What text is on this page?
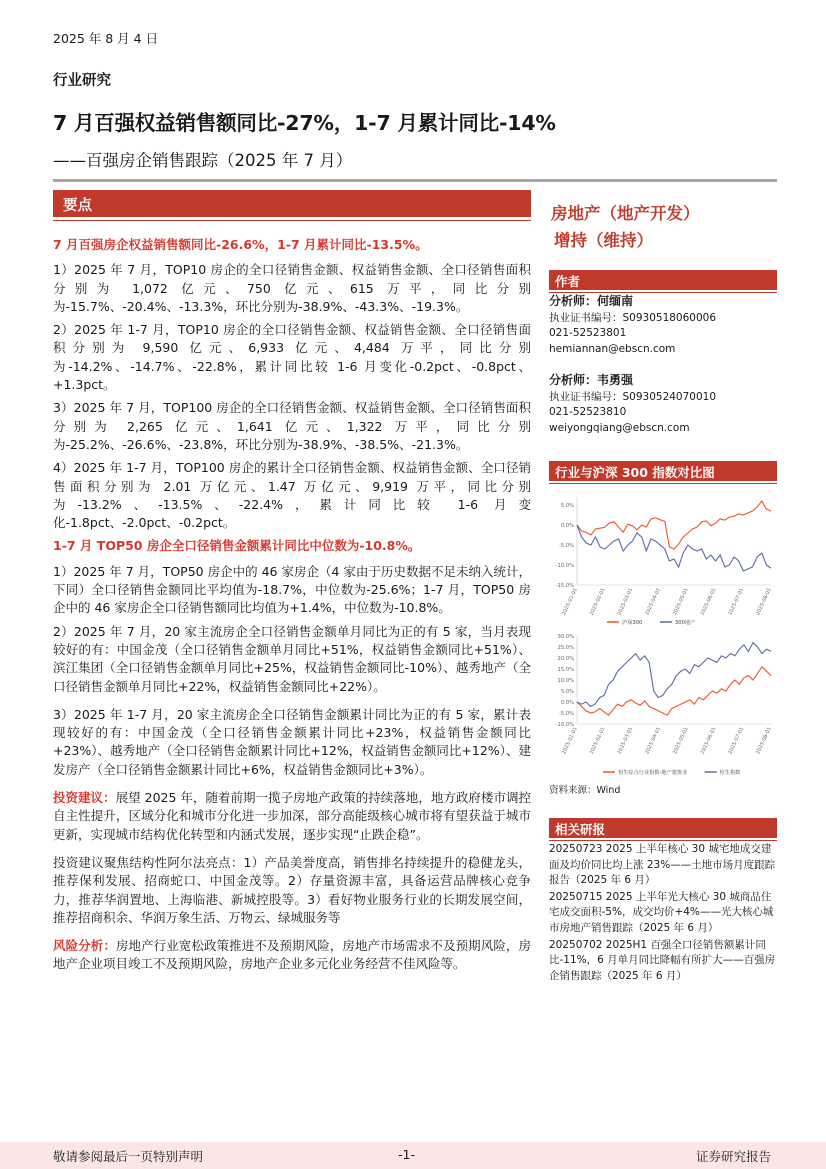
2025 年 8 月 4 日
行业研究
7 月百强权益销售额同比-27%，1-7 月累计同比-14%
——百强房企销售跟踪（2025 年 7 月）
要点

7 月百强房企权益销售额同比-26.6%，1-7 月累计同比-13.5%。

1）2025 年 7 月，TOP10 房企的全口径销售金额、权益销售金额、全口径销售面积分别为 1,072 亿元、750 亿元、615 万平，同比分别为-15.7%、-20.4%、-13.3%，环比分别为-38.9%、-43.3%、-19.3%。

2）2025 年 1-7 月，TOP10 房企的全口径销售金额、权益销售金额、全口径销售面积分别为 9,590 亿元、6,933 亿元、4,484 万平，同比分别为-14.2%、-14.7%、-22.8%，累计同比较 1-6 月变化-0.2pct、-0.8pct、+1.3pct。

3）2025 年 7 月，TOP100 房企的全口径销售金额、权益销售金额、全口径销售面积分别为 2,265 亿元、1,641 亿元、1,322 万平，同比分别为-25.2%、-26.6%、-23.8%，环比分别为-38.9%、-38.5%、-21.3%。

4）2025 年 1-7 月，TOP100 房企的累计全口径销售金额、权益销售金额、全口径销售面积分别为 2.01 万亿元、1.47 万亿元、9,919 万平，同比分别为-13.2%、-13.5%、-22.4%，累计同比较 1-6 月变化-1.8pct、-2.0pct、-0.2pct。

1-7 月 TOP50 房企全口径销售金额累计同比中位数为-10.8%。

1）2025 年 7 月，TOP50 房企中的 46 家房企（4 家由于历史数据不足未纳入统计，下同）全口径销售金额同比平均值为-18.7%，中位数为-25.6%；1-7 月，TOP50 房企中的 46 家房企全口径销售额同比均值为+1.4%，中位数为-10.8%。

2）2025 年 7 月，20 家主流房企全口径销售金额单月同比为正的有 5 家，当月表现较好的有：中国金茂（全口径销售金额单月同比+51%，权益销售金额同比+51%）、滨江集团（全口径销售金额单月同比+25%，权益销售金额同比-10%）、越秀地产（全口径销售金额单月同比+22%，权益销售金额同比+22%）。

3）2025 年 1-7 月，20 家主流房企全口径销售金额累计同比为正的有 5 家，累计表现较好的有：中国金茂（全口径销售金额累计同比+23%，权益销售金额同比+23%）、越秀地产（全口径销售金额累计同比+12%，权益销售金额同比+12%）、建发房产（全口径销售金额累计同比+6%，权益销售金额同比+3%）。

投资建议：展望 2025 年，随着前期一揽子房地产政策的持续落地，地方政府楼市调控自主性提升，区域分化和城市分化进一步加深，部分高能级核心城市将有望获益于城市更新，实现城市结构优化转型和内涵式发展，逐步实现“止跌企稳”。

投资建议聚焦结构性阿尔法亮点：1）产品美誉度高，销售排名持续提升的稳健龙头，推荐保利发展、招商蛇口、中国金茂等。2）存量资源丰富，具备运营品牌核心竞争力，推荐华润置地、上海临港、新城控股等。3）看好物业服务行业的长期发展空间，推荐招商积余、华润万象生活、万物云、绿城服务等

风险分析：房地产行业宽松政策推进不及预期风险，房地产市场需求不及预期风险，房地产企业项目竣工不及预期风险，房地产企业多元化业务经营不佳风险等。

房地产（地产开发）
增持（维持）
作者
分析师：何缅南
执业证书编号：S0930518060006
021-52523801
hemiannan@ebscn.com
分析师：韦勇强
执业证书编号：S0930524070010
021-52523810
weiyongqiang@ebscn.com
行业与沪深 300 指数对比图
5.0%
0.0%
-5.0%
-10.0%
-15.0%
2025-01-01 2025-02-01 2025-03-01 2025-04-01 2025-05-01 2025-06-01 2025-07-01 2025-08-01
沪深300	300地产
30.0%
25.0%
20.0%
15.0%
10.0%
5.0%
0.0%
-5.0%
-10.0%
2025-01-01 2025-02-01 2025-03-01 2025-04-01 2025-05-01 2025-06-01 2025-07-01 2025-08-01
恒生综合行业指数-地产建筑业	恒生指数
资料来源：Wind
相关研报

20250723 2025 上半年核心 30 城宅地成交建面及均价同比均上涨 23%——土地市场月度跟踪报告（2025 年 6 月）

20250715 2025 上半年光大核心 30 城商品住宅成交面积-5%，成交均价+4%——光大核心城市房地产销售跟踪（2025 年 6 月）

20250702 2025H1 百强全口径销售额累计同比-11%，6 月单月同比降幅有所扩大——百强房企销售跟踪（2025 年 6 月）

敬请参阅最后一页特别声明	-1-	证券研究报告
